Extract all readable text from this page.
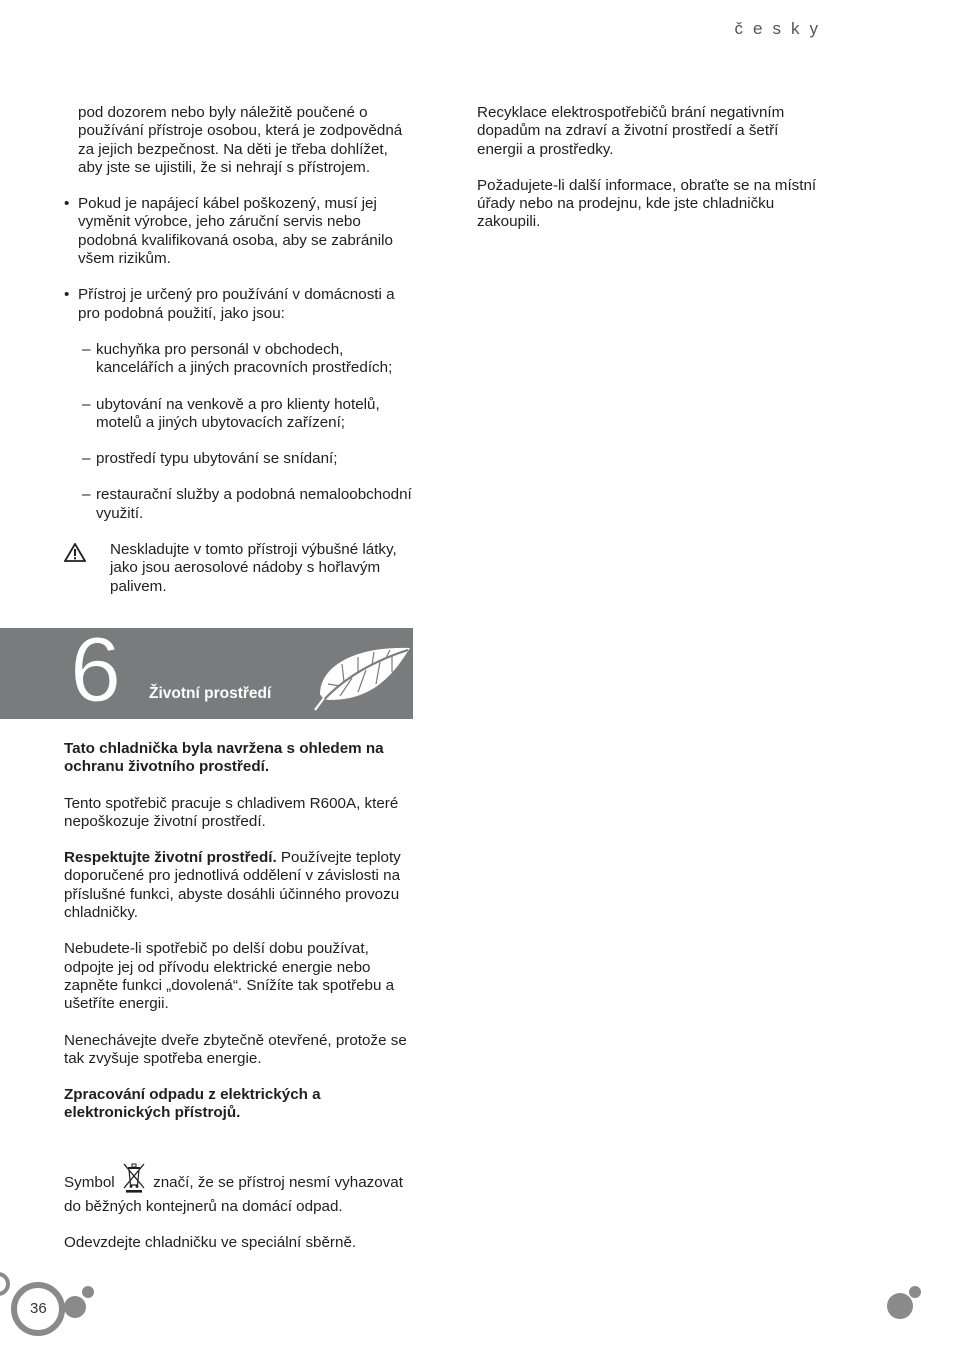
česky

pod dozorem nebo byly náležitě poučené o používání přístroje osobou, která je zodpovědná za jejich bezpečnost. Na děti je třeba dohlížet, aby jste se ujistili, že si nehrají s přístrojem.

• Pokud je napájecí kábel poškozený, musí jej vyměnit výrobce, jeho záruční servis nebo podobná kvalifikovaná osoba, aby se zabránilo všem rizikům.
• Přístroj je určený pro používání v domácnosti a pro podobná použití, jako jsou:
– kuchyňka pro personál v obchodech, kancelářích a jiných pracovních prostředích;
– ubytování na venkově a pro klienty hotelů, motelů a jiných ubytovacích zařízení;
– prostředí typu ubytování se snídaní;
– restaurační služby a podobná nemaloobchodní využití.
Neskladujte v tomto přístroji výbušné látky, jako jsou aerosolové nádoby s hořlavým palivem.
6 Životní prostředí

Tato chladnička byla navržena s ohledem na ochranu životního prostředí.

Tento spotřebič pracuje s chladivem R600A, které nepoškozuje životní prostředí.

Respektujte životní prostředí. Používejte teploty doporučené pro jednotlivá oddělení v závislosti na příslušné funkci, abyste dosáhli účinného provozu chladničky.

Nebudete-li spotřebič po delší dobu používat, odpojte jej od přívodu elektrické energie nebo zapněte funkci „dovolená“. Snížíte tak spotřebu a ušetříte energii.

Nenechávejte dveře zbytečně otevřené, protože se tak zvyšuje spotřeba energie.

Zpracování odpadu z elektrických a elektronických přístrojů.

Symbol  značí, že se přístroj nesmí vyhazovat do běžných kontejnerů na domácí odpad.

Odevzdejte chladničku ve speciální sběrně.

Recyklace elektrospotřebičů brání negativním dopadům na zdraví a životní prostředí a šetří energii a prostředky.

Požadujete-li další informace, obraťte se na místní úřady nebo na prodejnu, kde jste chladničku zakoupili.

36
